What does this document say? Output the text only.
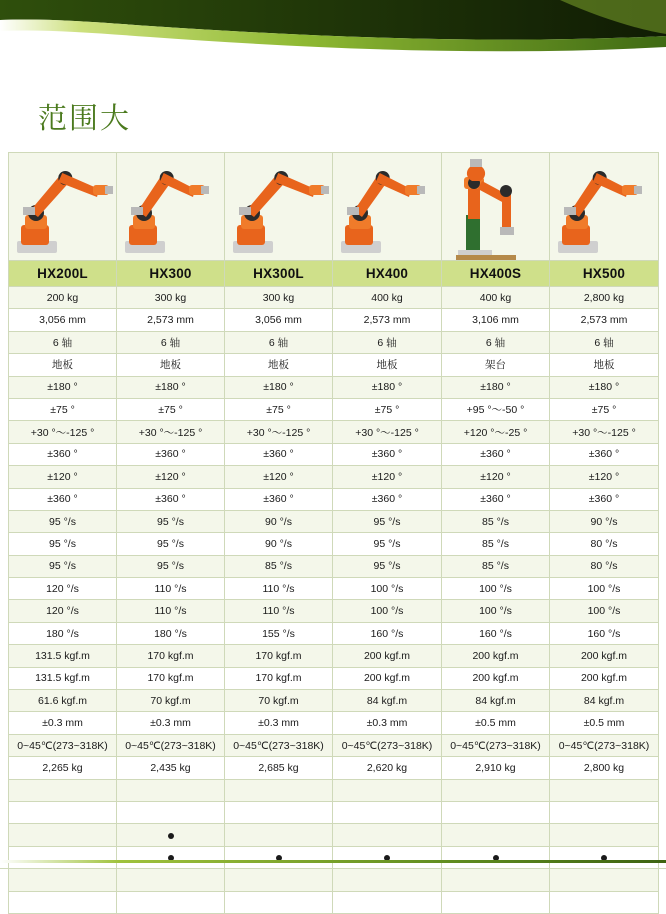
范围大

HX200L	HX300	HX300L	HX400	HX400S	HX500
200 kg	300 kg	300 kg	400 kg	400 kg	2,800 kg
3,056 mm	2,573 mm	3,056 mm	2,573 mm	3,106 mm	2,573 mm
6 轴	6 轴	6 轴	6 轴	6 轴	6 轴
地板	地板	地板	地板	架台	地板
±180 °	±180 °	±180 °	±180 °	±180 °	±180 °
±75 °	±75 °	±75 °	±75 °	+95 °～-50 °	±75 °
+30 °～-125 °	+30 °～-125 °	+30 °～-125 °	+30 °～-125 °	+120 °～-25 °	+30 °～-125 °
±360 °	±360 °	±360 °	±360 °	±360 °	±360 °
±120 °	±120 °	±120 °	±120 °	±120 °	±120 °
±360 °	±360 °	±360 °	±360 °	±360 °	±360 °
95 °/s	95 °/s	90 °/s	95 °/s	85 °/s	90 °/s
95 °/s	95 °/s	90 °/s	95 °/s	85 °/s	80 °/s
95 °/s	95 °/s	85 °/s	95 °/s	85 °/s	80 °/s
120 °/s	110 °/s	110 °/s	100 °/s	100 °/s	100 °/s
120 °/s	110 °/s	110 °/s	100 °/s	100 °/s	100 °/s
180 °/s	180 °/s	155 °/s	160 °/s	160 °/s	160 °/s
131.5 kgf.m	170 kgf.m	170 kgf.m	200 kgf.m	200 kgf.m	200 kgf.m
131.5 kgf.m	170 kgf.m	170 kgf.m	200 kgf.m	200 kgf.m	200 kgf.m
61.6 kgf.m	70 kgf.m	70 kgf.m	84 kgf.m	84 kgf.m	84 kgf.m
±0.3 mm	±0.3 mm	±0.3 mm	±0.3 mm	±0.5 mm	±0.5 mm
0~45℃(273~318K)	0~45℃(273~318K)	0~45℃(273~318K)	0~45℃(273~318K)	0~45℃(273~318K)	0~45℃(273~318K)
2,265 kg	2,435 kg	2,685 kg	2,620 kg	2,910 kg	2,800 kg
